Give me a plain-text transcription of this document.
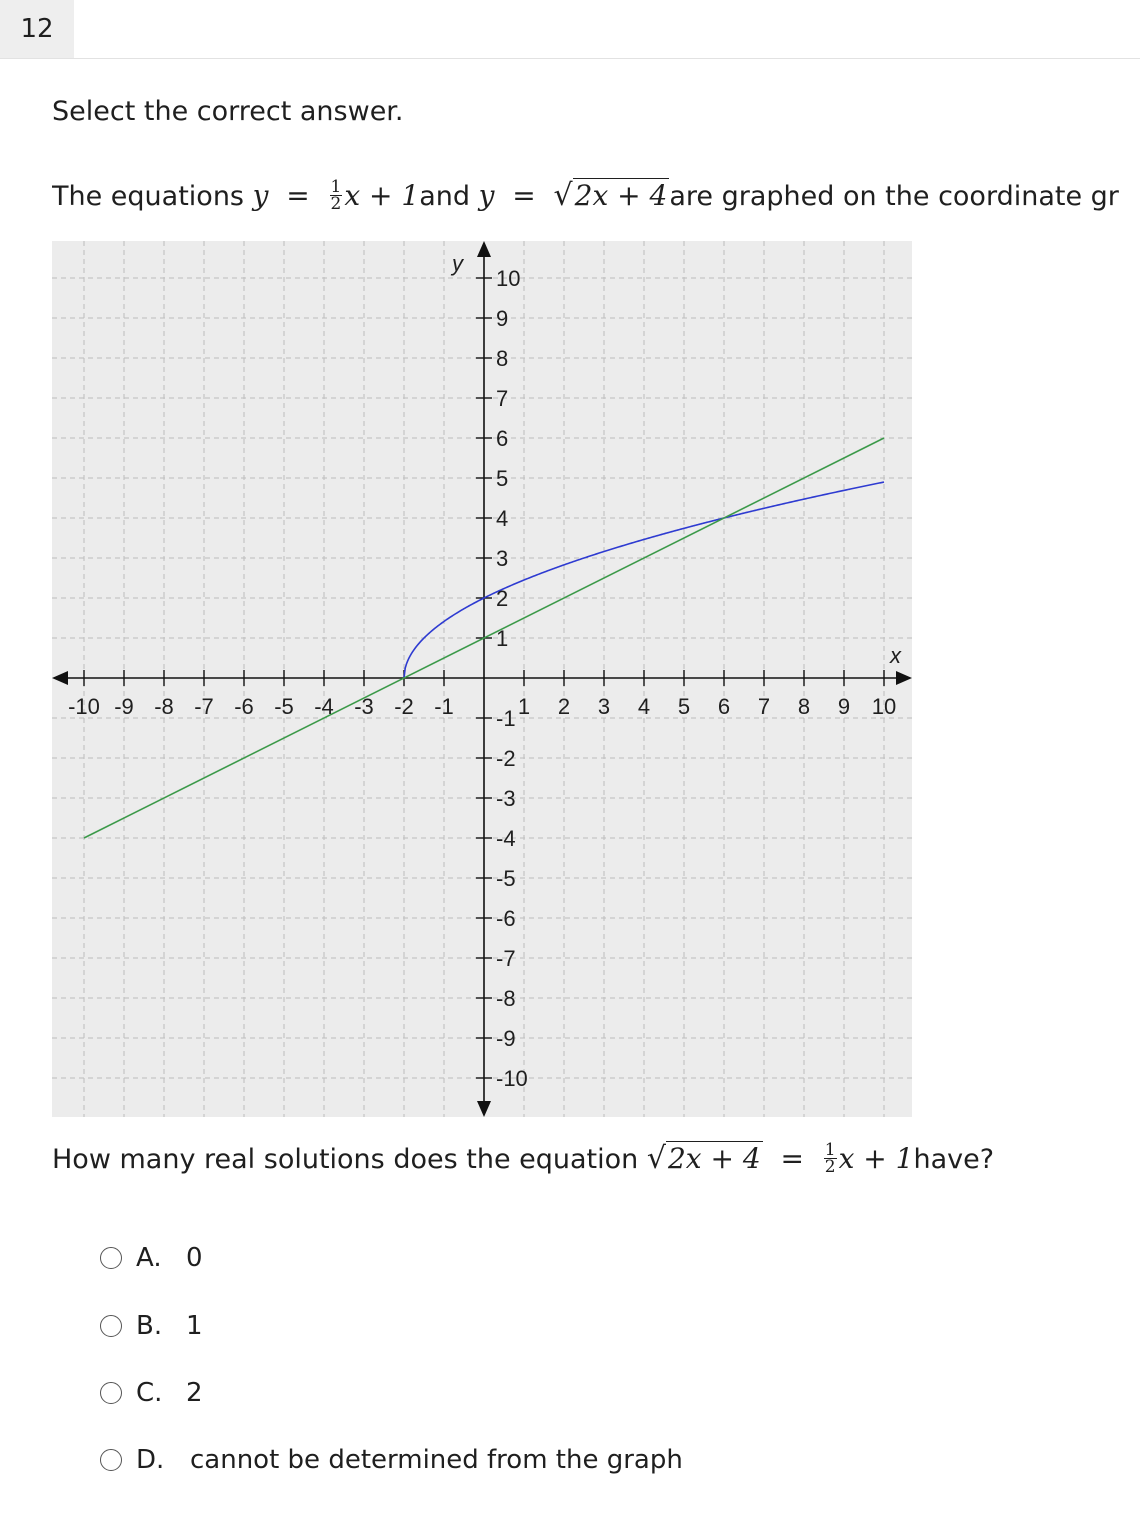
12
Select the correct answer.
The equations $y = \frac{1}{2}$ x + 1and y = √2x + 4are graphed on the coordinate gr
-10 -9 -8 -7 -6 -5 -4 -3 -2 -1	1 2 3 4 5 6 7 8 9 10
10
9
8
7
6
5
4
3
2
1
-1
-2
-3
-4
-5
-6
-7
-8
-9
-10
x
y
How many real solutions does the equation $√2x + 4 = \frac{1}{2}$ x + 1have?
A. 0
B. 1
C. 2
D. cannot be determined from the graph
